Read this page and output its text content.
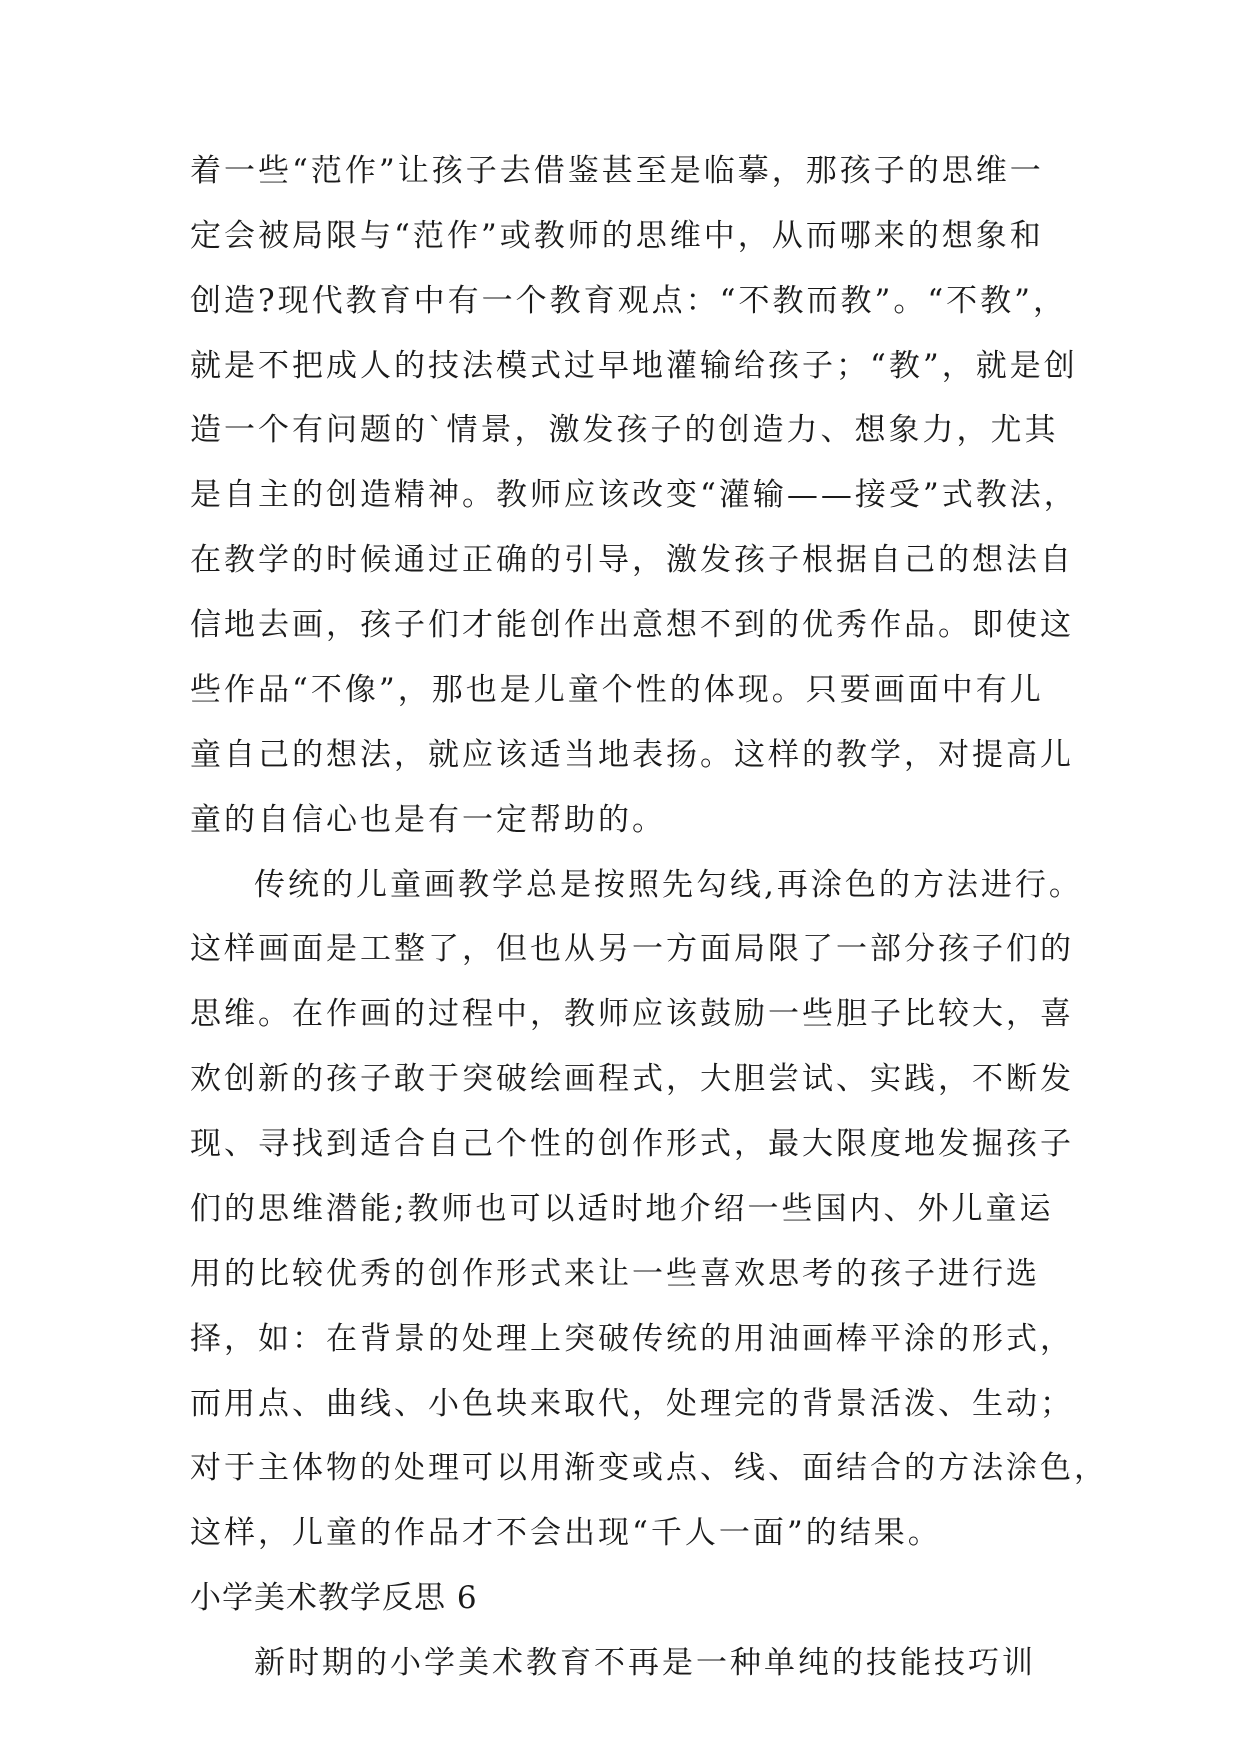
着一些“范作”让孩子去借鉴甚至是临摹，那孩子的思维一
定会被局限与“范作”或教师的思维中，从而哪来的想象和
创造?现代教育中有一个教育观点：“不教而教”。“不教”，
就是不把成人的技法模式过早地灌输给孩子；“教”，就是创
造一个有问题的`情景，激发孩子的创造力、想象力，尤其
是自主的创造精神。教师应该改变“灌输——接受”式教法，
在教学的时候通过正确的引导，激发孩子根据自己的想法自
信地去画，孩子们才能创作出意想不到的优秀作品。即使这
些作品“不像”，那也是儿童个性的体现。只要画面中有儿
童自己的想法，就应该适当地表扬。这样的教学，对提高儿
童的自信心也是有一定帮助的。
传统的儿童画教学总是按照先勾线,再涂色的方法进行。
这样画面是工整了，但也从另一方面局限了一部分孩子们的
思维。在作画的过程中，教师应该鼓励一些胆子比较大，喜
欢创新的孩子敢于突破绘画程式，大胆尝试、实践，不断发
现、寻找到适合自己个性的创作形式，最大限度地发掘孩子
们的思维潜能;教师也可以适时地介绍一些国内、外儿童运
用的比较优秀的创作形式来让一些喜欢思考的孩子进行选
择，如：在背景的处理上突破传统的用油画棒平涂的形式，
而用点、曲线、小色块来取代，处理完的背景活泼、生动；
对于主体物的处理可以用渐变或点、线、面结合的方法涂色，
这样，儿童的作品才不会出现“千人一面”的结果。
小学美术教学反思 6
新时期的小学美术教育不再是一种单纯的技能技巧训
